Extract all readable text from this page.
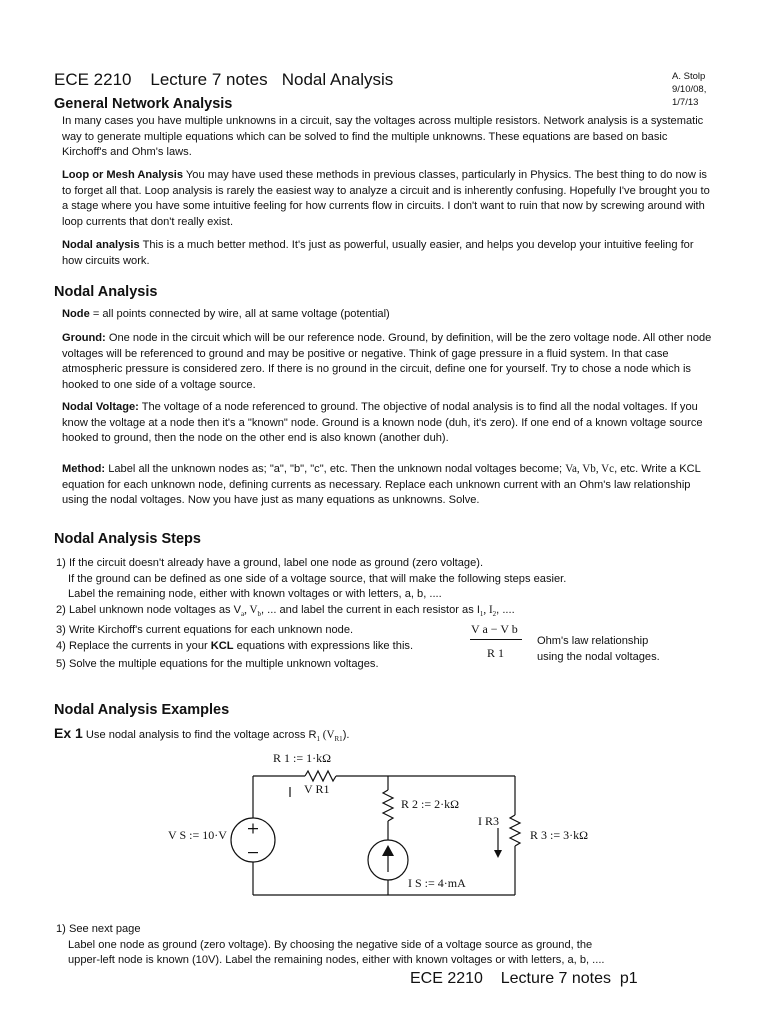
ECE 2210    Lecture 7 notes   Nodal Analysis	A. Stolp
9/10/08,
1/7/13
General Network Analysis
In many cases you have multiple unknowns in a circuit, say the voltages across multiple resistors. Network analysis is a systematic way to generate multiple equations which can be solved to find the multiple unknowns. These equations are based on basic Kirchoff's and Ohm's laws.
Loop or Mesh Analysis You may have used these methods in previous classes, particularly in Physics. The best thing to do now is to forget all that. Loop analysis is rarely the easiest way to analyze a circuit and is inherently confusing. Hopefully I've brought you to a stage where you have some intuitive feeling for how currents flow in circuits. I don't want to ruin that now by screwing around with loop currents that don't really exist.
Nodal analysis This is a much better method. It's just as powerful, usually easier, and helps you develop your intuitive feeling for how circuits work.
Nodal Analysis
Node = all points connected by wire, all at same voltage (potential)
Ground: One node in the circuit which will be our reference node. Ground, by definition, will be the zero voltage node. All other node voltages will be referenced to ground and may be positive or negative. Think of gage pressure in a fluid system. In that case atmospheric pressure is considered zero. If there is no ground in the circuit, define one for yourself. Try to chose a node which is hooked to one side of a voltage source.
Nodal Voltage: The voltage of a node referenced to ground. The objective of nodal analysis is to find all the nodal voltages. If you know the voltage at a node then it's a "known" node. Ground is a known node (duh, it's zero). If one end of a known voltage source hooked to ground, then the node on the other end is also known (another duh).
Method: Label all the unknown nodes as; "a", "b", "c", etc. Then the unknown nodal voltages become; Va, Vb, Vc, etc. Write a KCL equation for each unknown node, defining currents as necessary. Replace each unknown current with an Ohm's law relationship using the nodal voltages. Now you have just as many equations as unknowns. Solve.
Nodal Analysis Steps
1) If the circuit doesn't already have a ground, label one node as ground (zero voltage).
If the ground can be defined as one side of a voltage source, that will make the following steps easier.
Label the remaining node, either with known voltages or with letters, a, b, ....
2) Label unknown node voltages as $V_a$, $V_b$, ... and label the current in each resistor as $I_1$, $I_2$, ....
3) Write Kirchoff's current equations for each unknown node.
4) Replace the currents in your KCL equations with expressions like this.
5) Solve the multiple equations for the multiple unknown voltages.
V a − V b
R 1
Ohm's law relationship
using the nodal voltages.
Nodal Analysis Examples
Ex 1 Use nodal analysis to find the voltage across $R_1$ $(V_{R1})$.
R 1 := 1·kΩ
V R1
R 2 := 2·kΩ
I R3
R 3 := 3·kΩ
V S := 10·V
I S := 4·mA
1) See next page
Label one node as ground (zero voltage). By choosing the negative side of a voltage source as ground, the
upper-left node is known (10V). Label the remaining nodes, either with known voltages or with letters, a, b, ....
ECE 2210    Lecture 7 notes  p1
